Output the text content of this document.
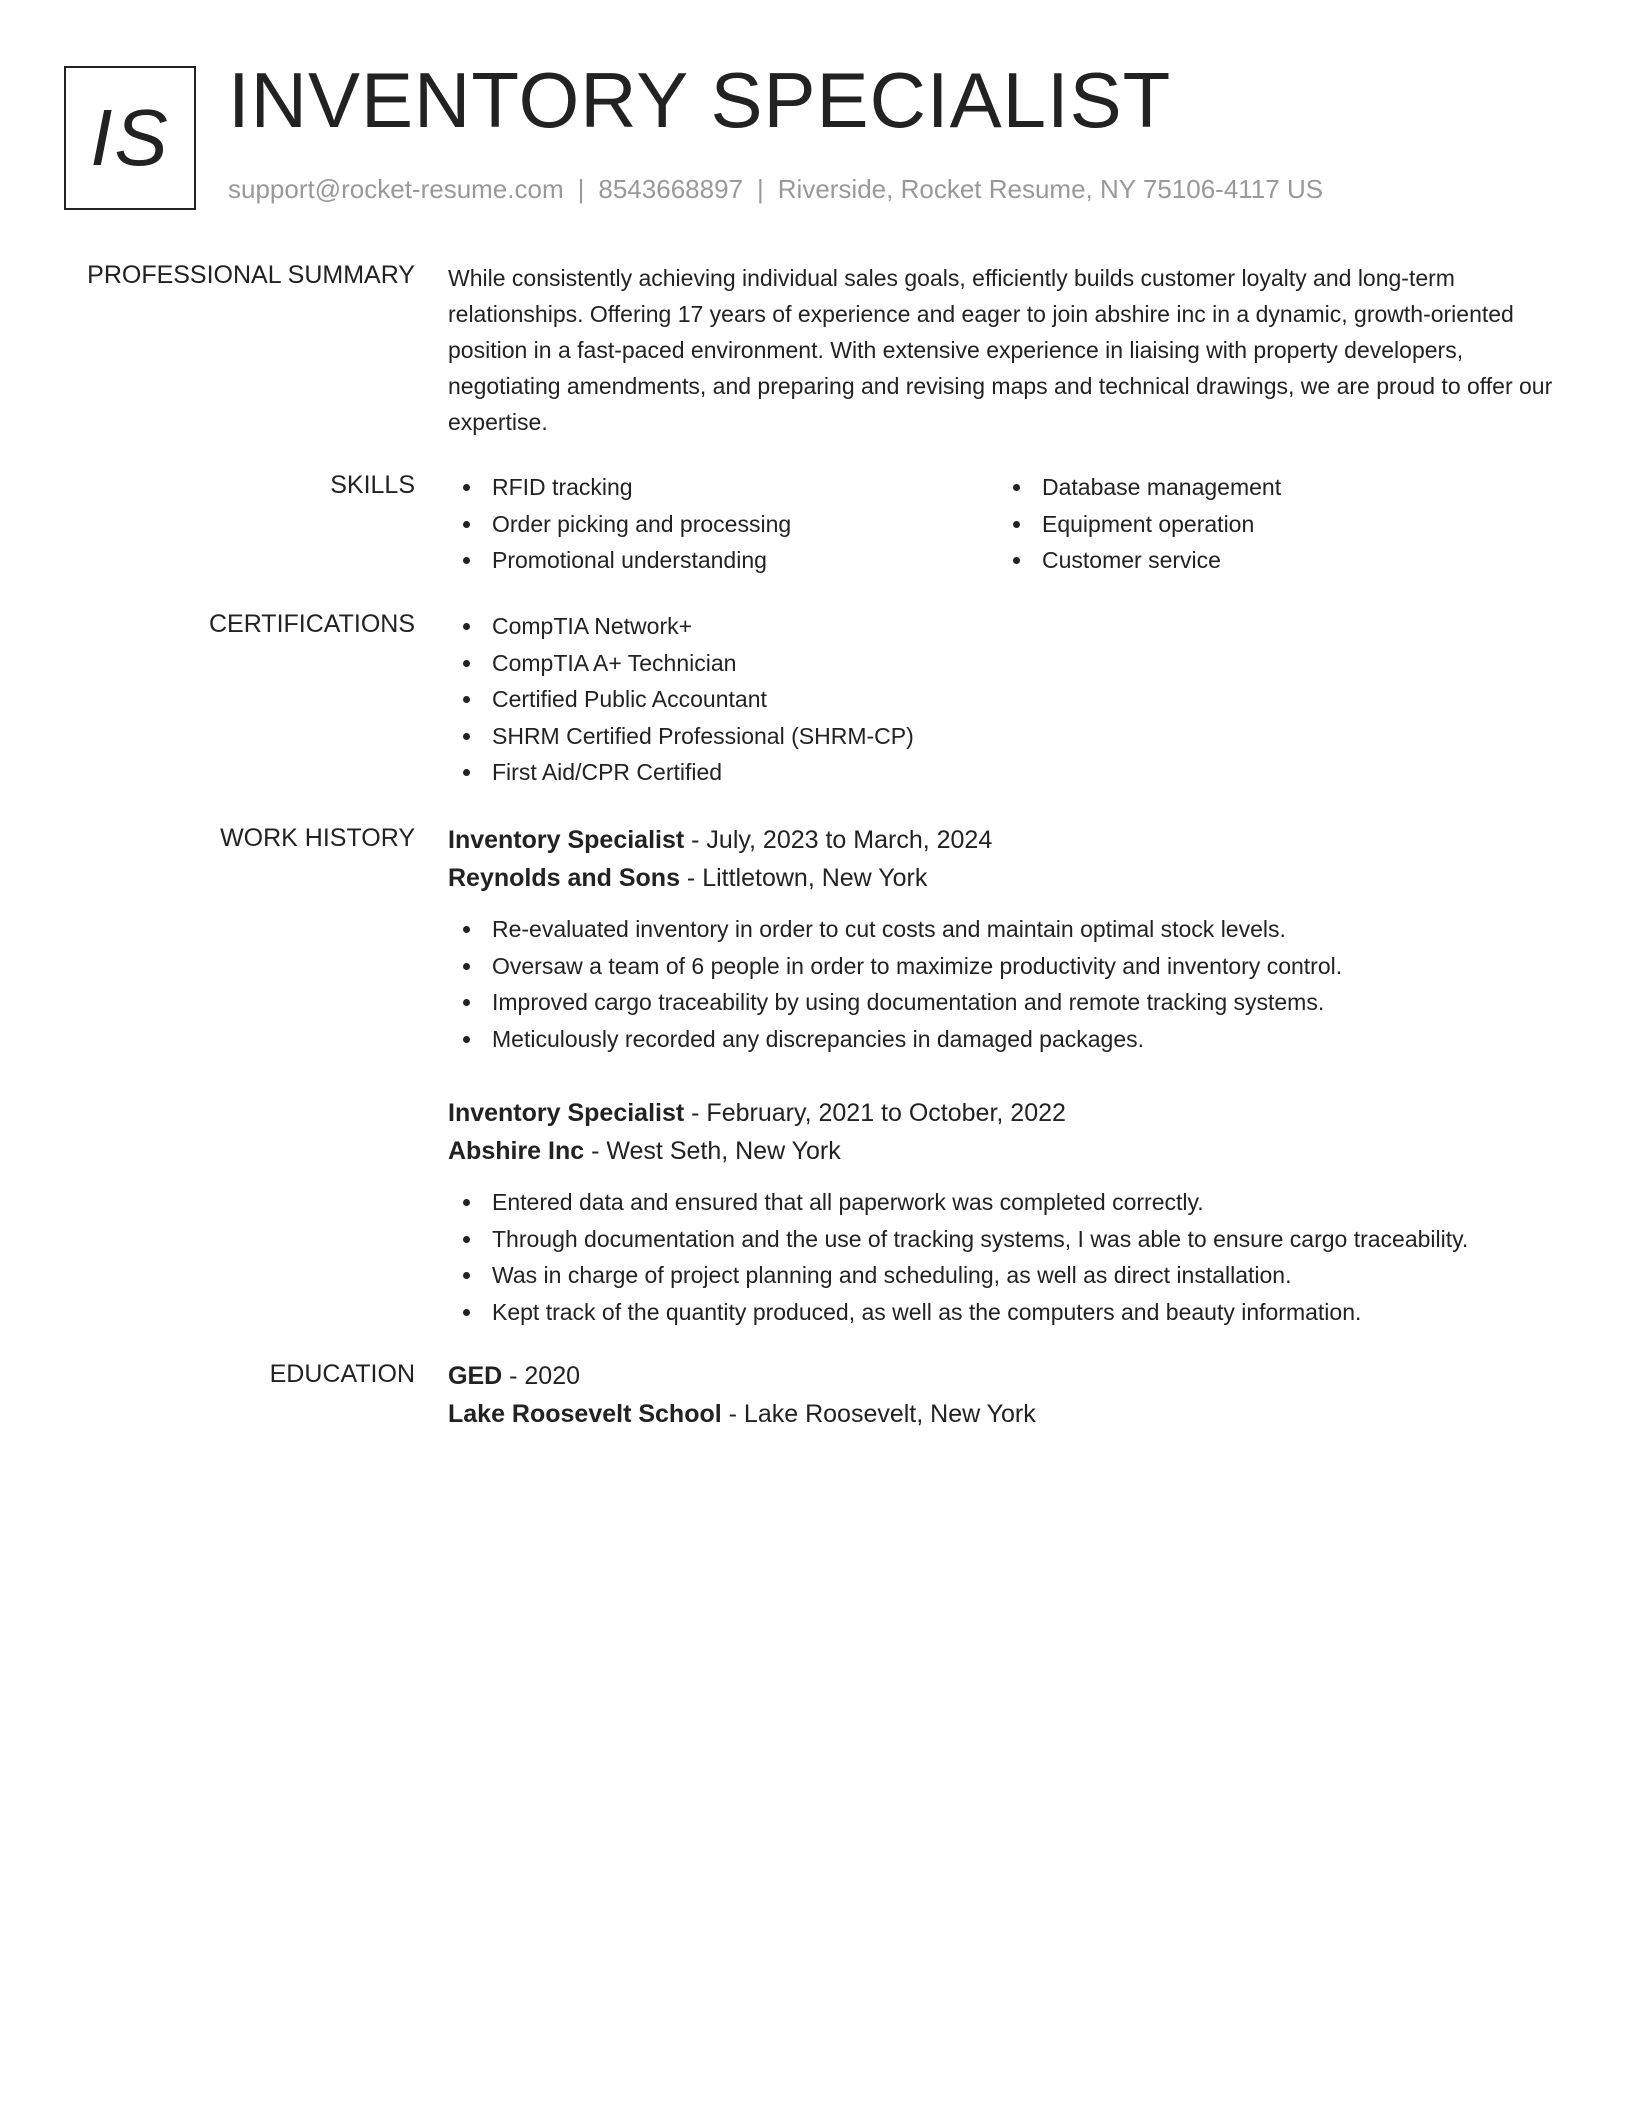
IS INVENTORY SPECIALIST
support@rocket-resume.com | 8543668897 | Riverside, Rocket Resume, NY 75106-4117 US
PROFESSIONAL SUMMARY While consistently achieving individual sales goals, efficiently builds customer loyalty and long-term relationships. Offering 17 years of experience and eager to join abshire inc in a dynamic, growth-oriented position in a fast-paced environment. With extensive experience in liaising with property developers, negotiating amendments, and preparing and revising maps and technical drawings, we are proud to offer our expertise.

SKILLS	RFID tracking
Order picking and processing
Promotional understanding
Database management
Equipment operation
Customer service
CERTIFICATIONS	CompTIA Network+
CompTIA A+ Technician
Certified Public Accountant
SHRM Certified Professional (SHRM-CP)
First Aid/CPR Certified
WORK HISTORY Inventory Specialist - July, 2023 to March, 2024
Reynolds and Sons - Littletown, New York
Re-evaluated inventory in order to cut costs and maintain optimal stock levels.
Oversaw a team of 6 people in order to maximize productivity and inventory control.
Improved cargo traceability by using documentation and remote tracking systems.
Meticulously recorded any discrepancies in damaged packages.
Inventory Specialist - February, 2021 to October, 2022
Abshire Inc - West Seth, New York
Entered data and ensured that all paperwork was completed correctly.
Through documentation and the use of tracking systems, I was able to ensure cargo traceability.
Was in charge of project planning and scheduling, as well as direct installation.
Kept track of the quantity produced, as well as the computers and beauty information.
EDUCATION GED - 2020
Lake Roosevelt School - Lake Roosevelt, New York
